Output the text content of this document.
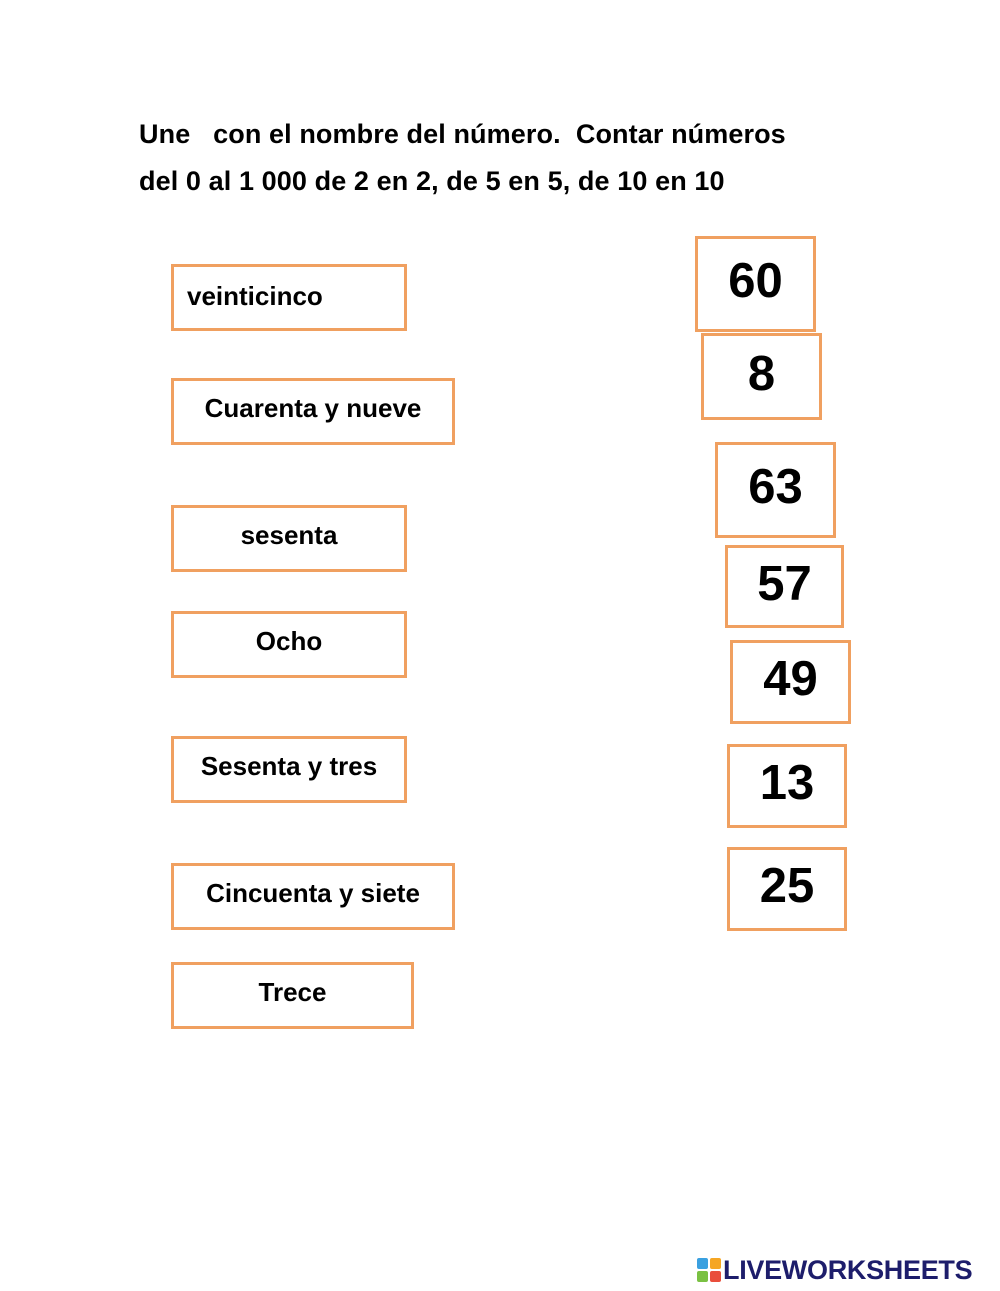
Une   con el nombre del número.  Contar números
del 0 al 1 000 de 2 en 2, de 5 en 5, de 10 en 10
veinticinco
Cuarenta y nueve
sesenta
Ocho
Sesenta y tres
Cincuenta y siete
Trece
60
8
63
57
49
13
25
LIVEWORKSHEETS
